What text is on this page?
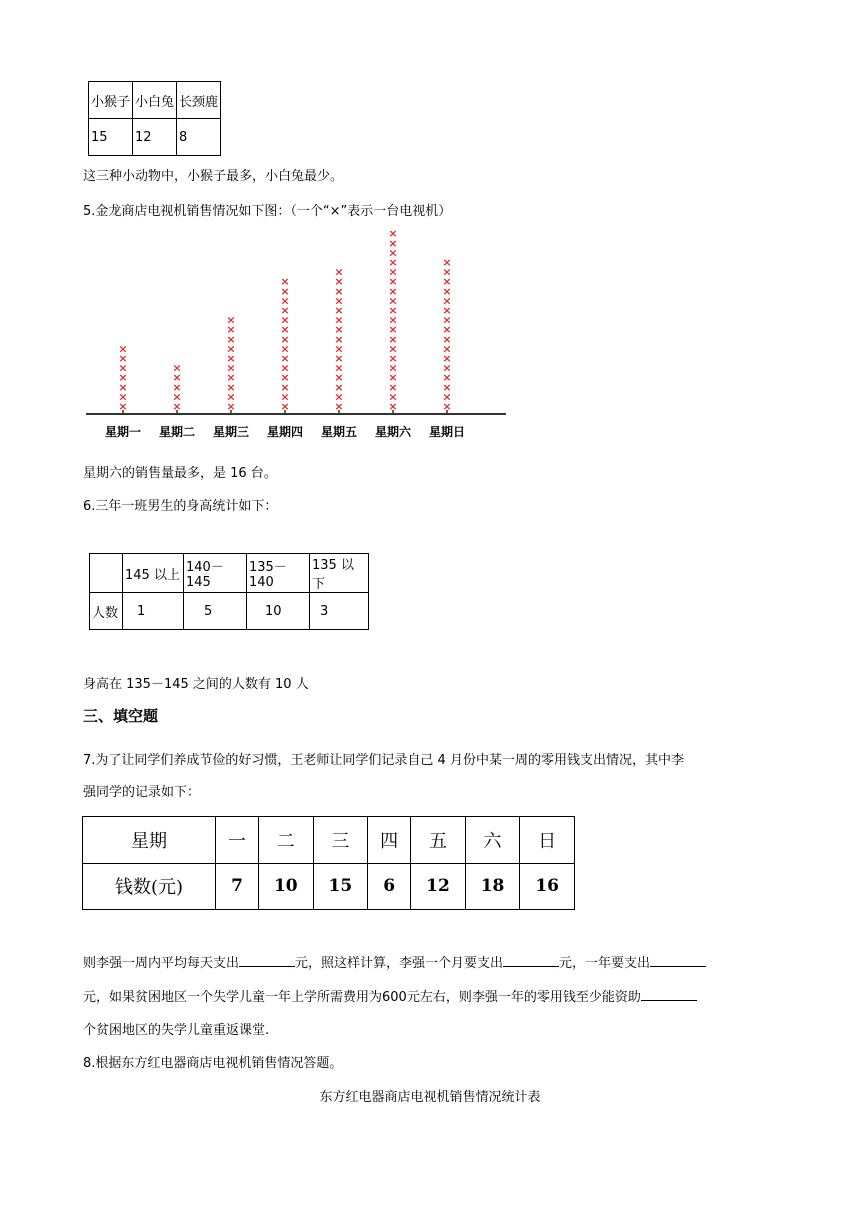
小猴子	小白兔	长颈鹿
15	12	8
这三种小动物中，小猴子最多，小白兔最少。
5.金龙商店电视机销售情况如下图：（一个“×”表示一台电视机）
×
×
×
×
×
×
×
星期一
×
×
×
×
×
星期二
×
×
×
×
×
×
×
×
×
×
星期三
×
×
×
×
×
×
×
×
×
×
×
×
×
×
星期四
×
×
×
×
×
×
×
×
×
×
×
×
×
×
×
星期五
×
×
×
×
×
×
×
×
×
×
×
×
×
×
×
×
×
×
×
星期六
×
×
×
×
×
×
×
×
×
×
×
×
×
×
×
×
星期日
星期六的销售量最多，是 16 台。
6.三年一班男生的身高统计如下：
	145 以上	140－145	135－140	135 以下
人数	1	5	10	3
身高在 135－145 之间的人数有 10 人
三、填空题
7.为了让同学们养成节俭的好习惯，王老师让同学们记录自己 4 月份中某一周的零用钱支出情况，其中李
强同学的记录如下：
星期	一	二	三	四	五	六	日
钱数(元)	7	10	15	6	12	18	16
则李强一周内平均每天支出	元，照这样计算，李强一个月要支出	元，一年要支出
元，如果贫困地区一个失学儿童一年上学所需费用为600元左右，则李强一年的零用钱至少能资助
个贫困地区的失学儿童重返课堂.
8.根据东方红电器商店电视机销售情况答题。
东方红电器商店电视机销售情况统计表
